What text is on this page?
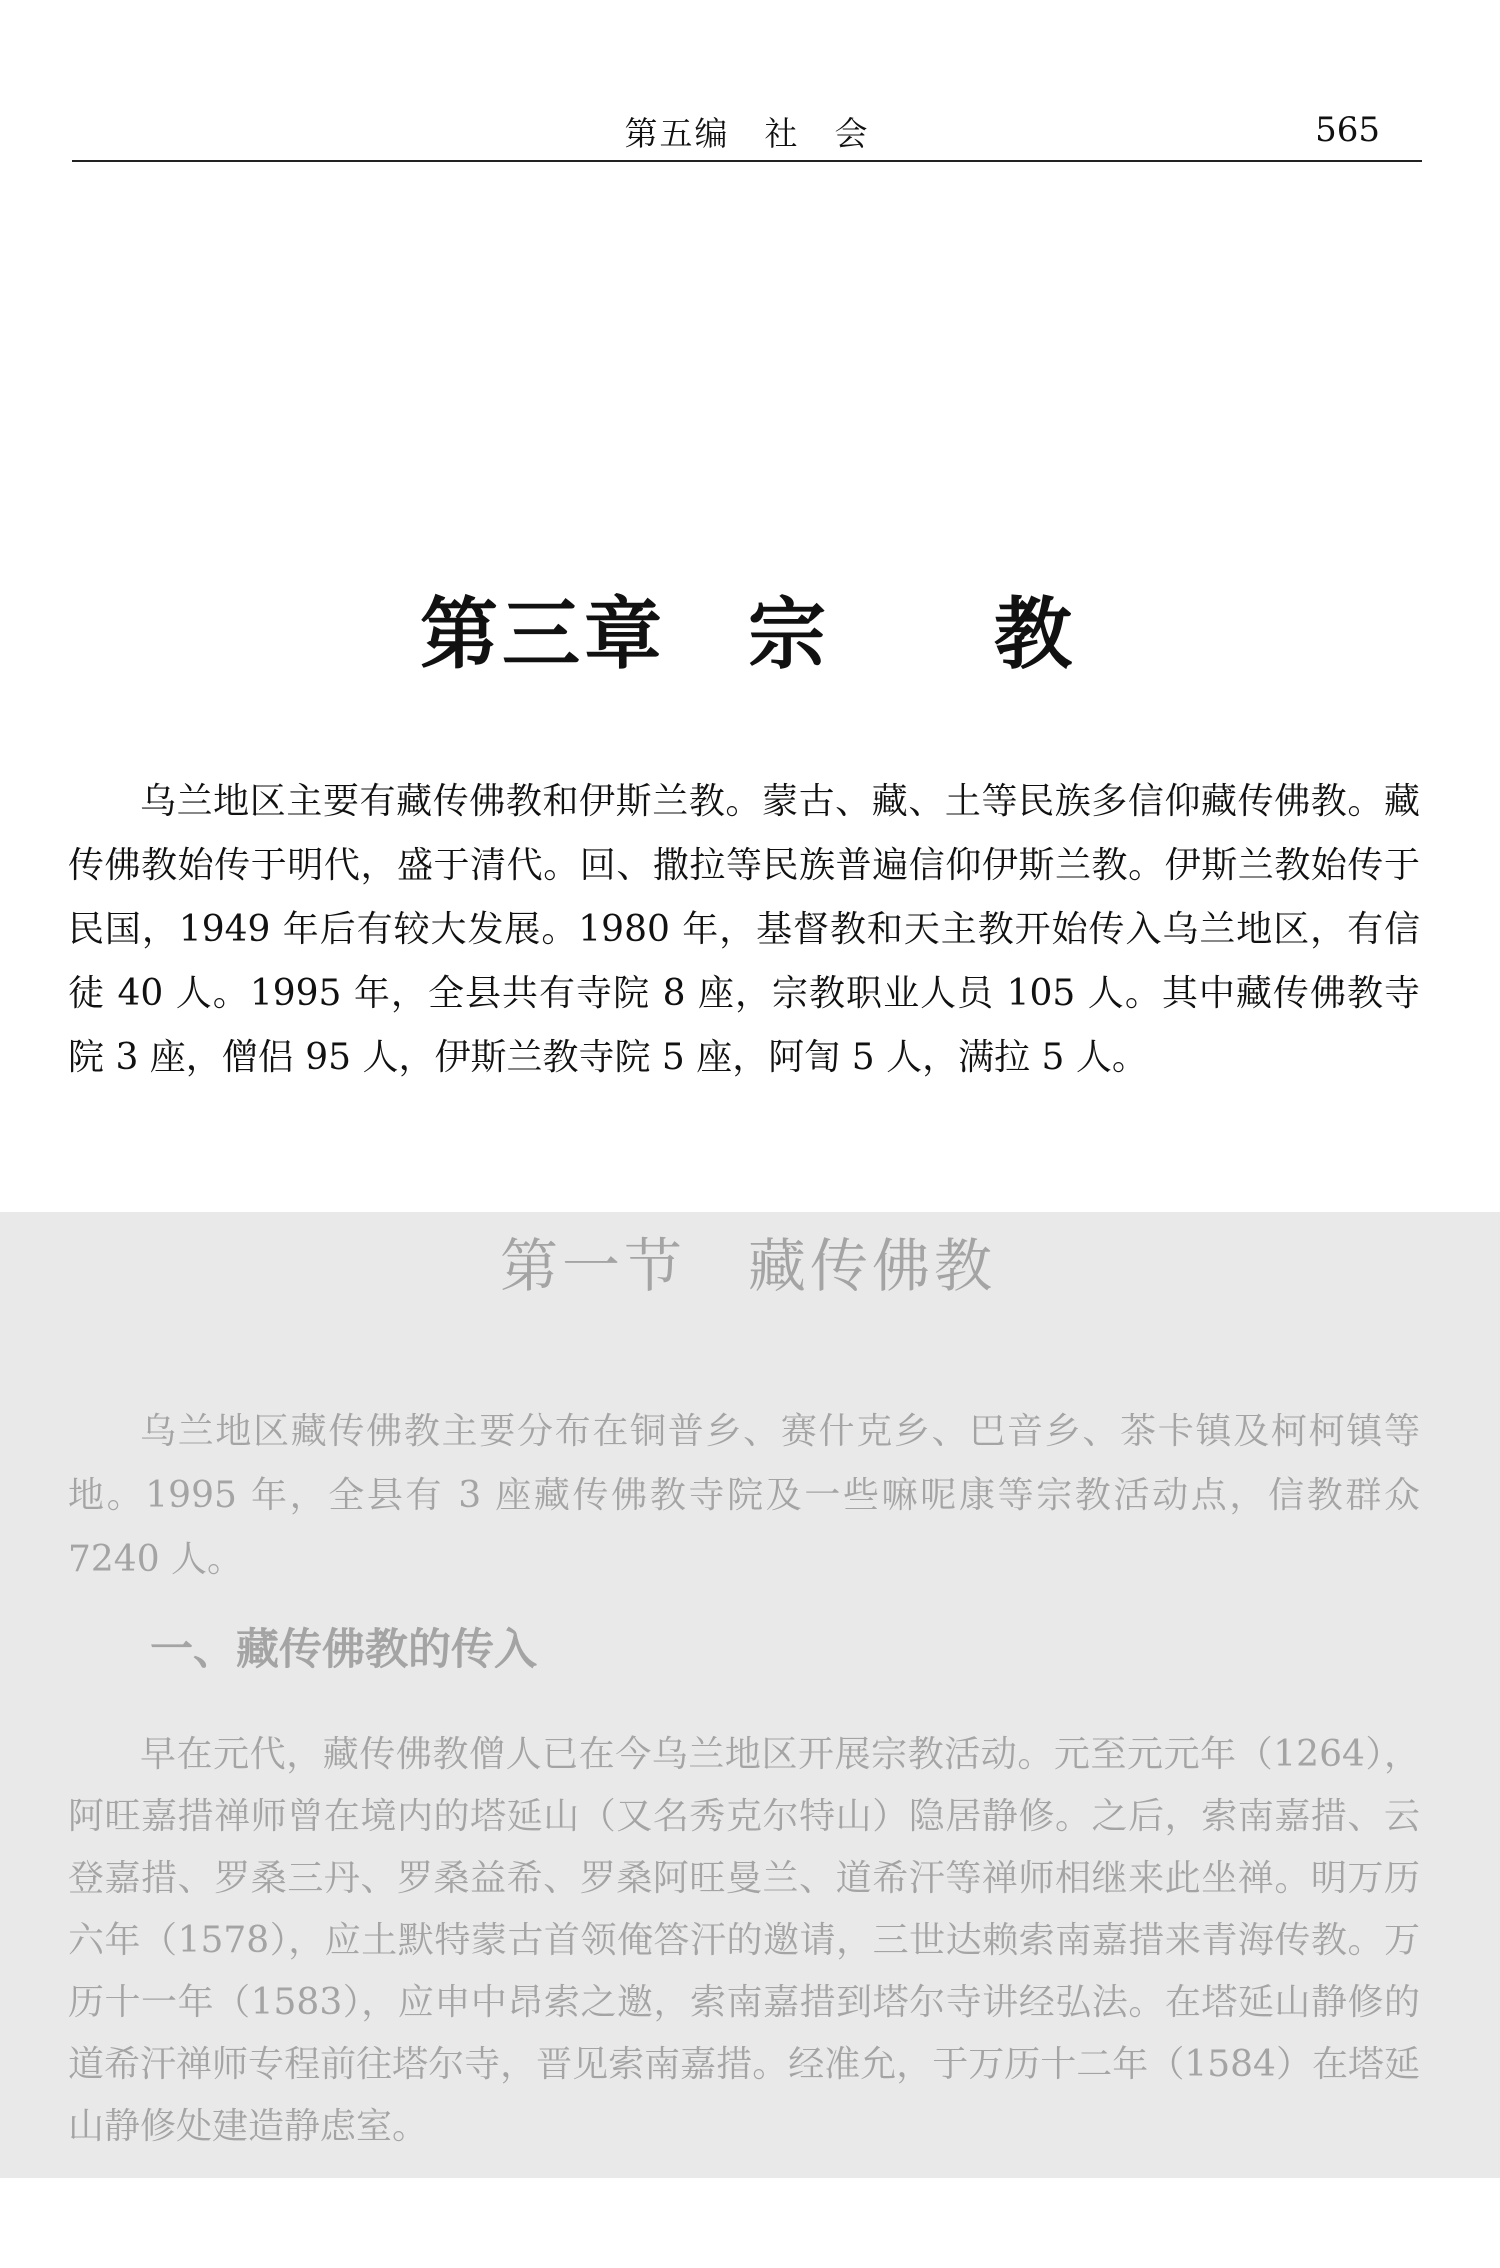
第五编　社　会	565
第三章　宗　　教

乌兰地区主要有藏传佛教和伊斯兰教。蒙古、藏、土等民族多信仰藏传佛教。藏传佛教始传于明代，盛于清代。回、撒拉等民族普遍信仰伊斯兰教。伊斯兰教始传于民国，1949 年后有较大发展。1980 年，基督教和天主教开始传入乌兰地区，有信徒 40 人。1995 年，全县共有寺院 8 座，宗教职业人员 105 人。其中藏传佛教寺院 3 座，僧侣 95 人，伊斯兰教寺院 5 座，阿訇 5 人，满拉 5 人。

第一节　藏传佛教

乌兰地区藏传佛教主要分布在铜普乡、赛什克乡、巴音乡、茶卡镇及柯柯镇等地。1995 年，全县有 3 座藏传佛教寺院及一些嘛呢康等宗教活动点，信教群众 7240 人。

一、藏传佛教的传入

早在元代，藏传佛教僧人已在今乌兰地区开展宗教活动。元至元元年（1264），阿旺嘉措禅师曾在境内的塔延山（又名秀克尔特山）隐居静修。之后，索南嘉措、云登嘉措、罗桑三丹、罗桑益希、罗桑阿旺曼兰、道希汗等禅师相继来此坐禅。明万历六年（1578），应土默特蒙古首领俺答汗的邀请，三世达赖索南嘉措来青海传教。万历十一年（1583），应申中昂索之邀，索南嘉措到塔尔寺讲经弘法。在塔延山静修的道希汗禅师专程前往塔尔寺，晋见索南嘉措。经准允，于万历十二年（1584）在塔延山静修处建造静虑室。
